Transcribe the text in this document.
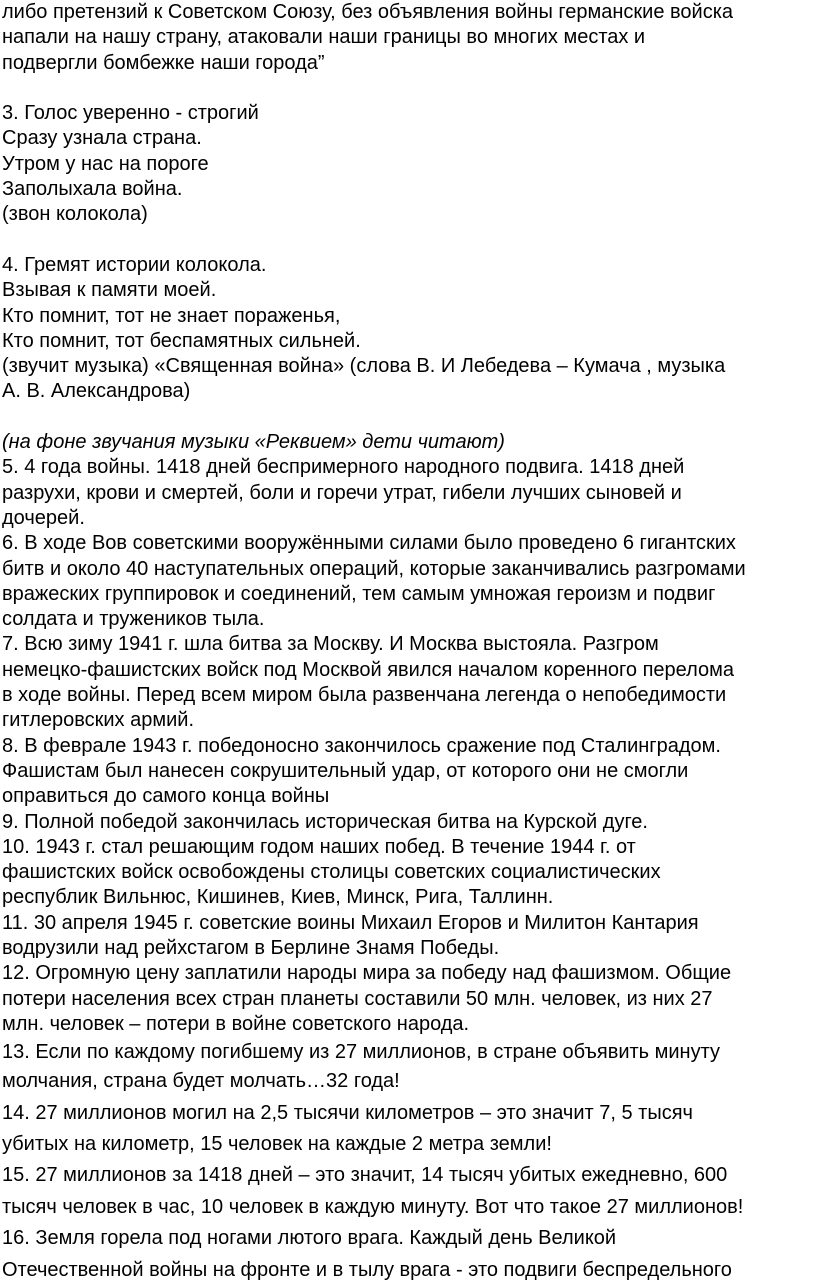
либо претензий к Советском Союзу, без объявления войны германские войска
напали на нашу страну, атаковали наши границы во многих местах и
подвергли бомбежке наши города”
3. Голос уверенно - строгий
Сразу узнала страна.
Утром у нас на пороге
Заполыхала война.
(звон колокола)
4. Гремят истории колокола.
Взывая к памяти моей.
Кто помнит, тот не знает пораженья,
Кто помнит, тот беспамятных сильней.
(звучит музыка) «Священная война» (слова В. И Лебедева – Кумача , музыка
А. В. Александрова)
(на фоне звучания музыки «Реквием» дети читают)
5. 4 года войны. 1418 дней беспримерного народного подвига. 1418 дней
разрухи, крови и смертей, боли и горечи утрат, гибели лучших сыновей и
дочерей.
6. В ходе Вов советскими вооружёнными силами было проведено 6 гигантских
битв и около 40 наступательных операций, которые заканчивались разгромами
вражеских группировок и соединений, тем самым умножая героизм и подвиг
солдата и тружеников тыла.
7. Всю зиму 1941 г. шла битва за Москву. И Москва выстояла. Разгром
немецко-фашистских войск под Москвой явился началом коренного перелома
в ходе войны. Перед всем миром была развенчана легенда о непобедимости
гитлеровских армий.
8. В феврале 1943 г. победоносно закончилось сражение под Сталинградом.
Фашистам был нанесен сокрушительный удар, от которого они не смогли
оправиться до самого конца войны
9. Полной победой закончилась историческая битва на Курской дуге.
10. 1943 г. стал решающим годом наших побед. В течение 1944 г. от
фашистских войск освобождены столицы советских социалистических
республик Вильнюс, Кишинев, Киев, Минск, Рига, Таллинн.
11. 30 апреля 1945 г. советские воины Михаил Егоров и Милитон Кантария
водрузили над рейхстагом в Берлине Знамя Победы.
12. Огромную цену заплатили народы мира за победу над фашизмом. Общие
потери населения всех стран планеты составили 50 млн. человек, из них 27
млн. человек – потери в войне советского народа.
13. Если по каждому погибшему из 27 миллионов, в стране объявить минуту
молчания, страна будет молчать…32 года!
14. 27 миллионов могил на 2,5 тысячи километров – это значит 7, 5 тысяч
убитых на километр, 15 человек на каждые 2 метра земли!
15. 27 миллионов за 1418 дней – это значит, 14 тысяч убитых ежедневно, 600
тысяч человек в час, 10 человек в каждую минуту. Вот что такое 27 миллионов!
16. Земля горела под ногами лютого врага. Каждый день Великой
Отечественной войны на фронте и в тылу врага - это подвиги беспредельного
